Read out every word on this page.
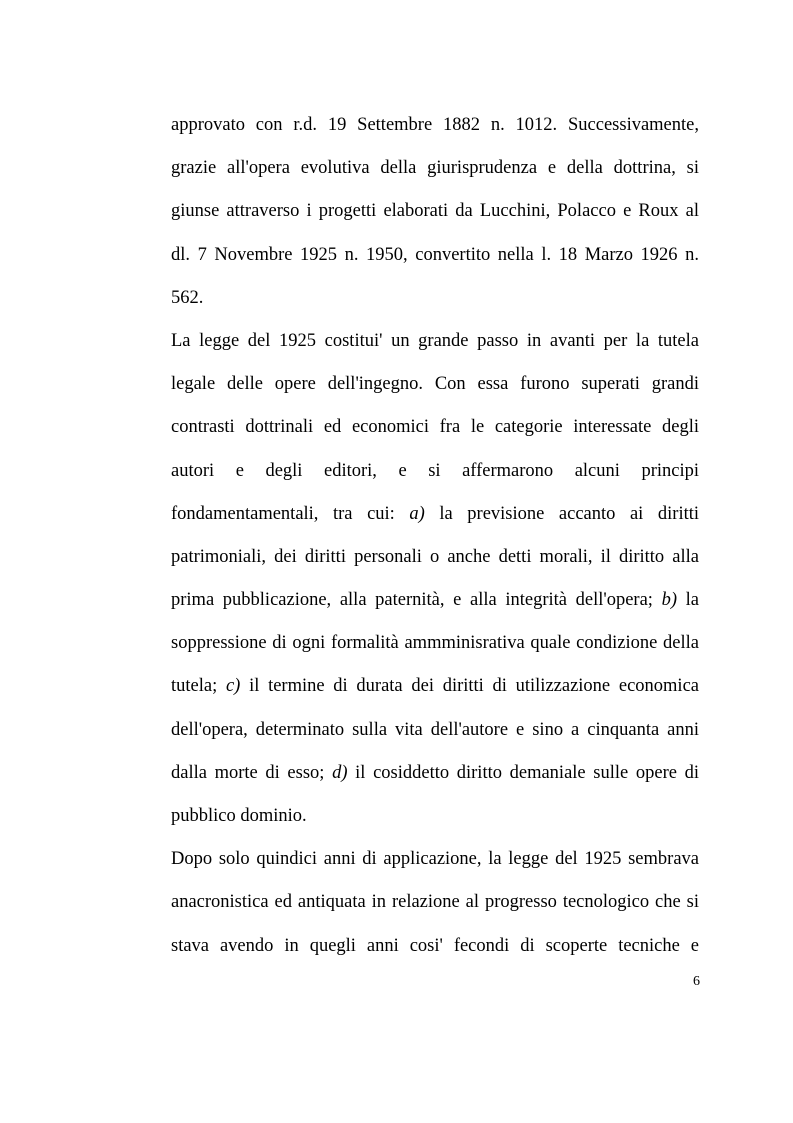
approvato con r.d. 19 Settembre 1882 n. 1012. Successivamente,
grazie all'opera evolutiva della giurisprudenza e della dottrina, si
giunse attraverso i progetti elaborati da Lucchini, Polacco e Roux al
dl. 7 Novembre 1925 n. 1950, convertito nella l. 18 Marzo 1926 n.
562.
La legge del 1925 costitui' un grande passo in avanti per la tutela
legale delle opere dell'ingegno. Con essa furono superati grandi
contrasti dottrinali ed economici fra le categorie interessate degli
autori e degli editori, e si affermarono alcuni principi
fondamentamentali, tra cui: a) la previsione accanto ai diritti
patrimoniali, dei diritti personali o anche detti morali, il diritto alla
prima pubblicazione, alla paternità, e alla integrità dell'opera; b) la
soppressione di ogni formalità ammminisrativa quale condizione della
tutela; c) il termine di durata dei diritti di utilizzazione economica
dell'opera, determinato sulla vita dell'autore e sino a cinquanta anni
dalla morte di esso; d) il cosiddetto diritto demaniale sulle opere di
pubblico dominio.
Dopo solo quindici anni di applicazione, la legge del 1925 sembrava
anacronistica ed antiquata in relazione al progresso tecnologico che si
stava avendo in quegli anni cosi' fecondi di scoperte tecniche e
6
